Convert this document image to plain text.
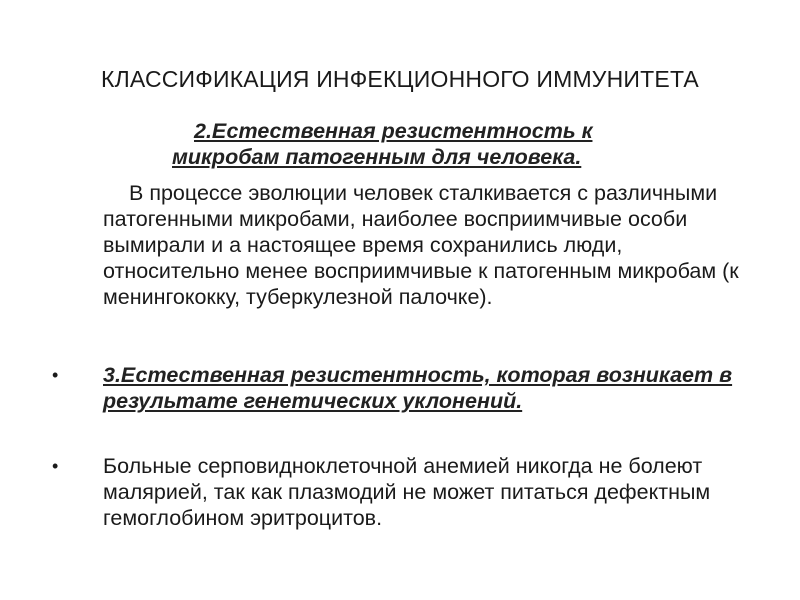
КЛАССИФИКАЦИЯ ИНФЕКЦИОННОГО ИММУНИТЕТА
2.Естественная резистентность к
микробам патогенным для человека.
В процессе эволюции человек сталкивается с различными патогенными микробами, наиболее восприимчивые особи вымирали и а настоящее время сохранились люди, относительно менее восприимчивые к патогенным микробам (к менингококку, туберкулезной палочке).
• 3.Естественная резистентность, которая возникает в результате генетических уклонений.
• Больные серповидноклеточной анемией никогда не болеют малярией, так как плазмодий не может питаться дефектным гемоглобином эритроцитов.
